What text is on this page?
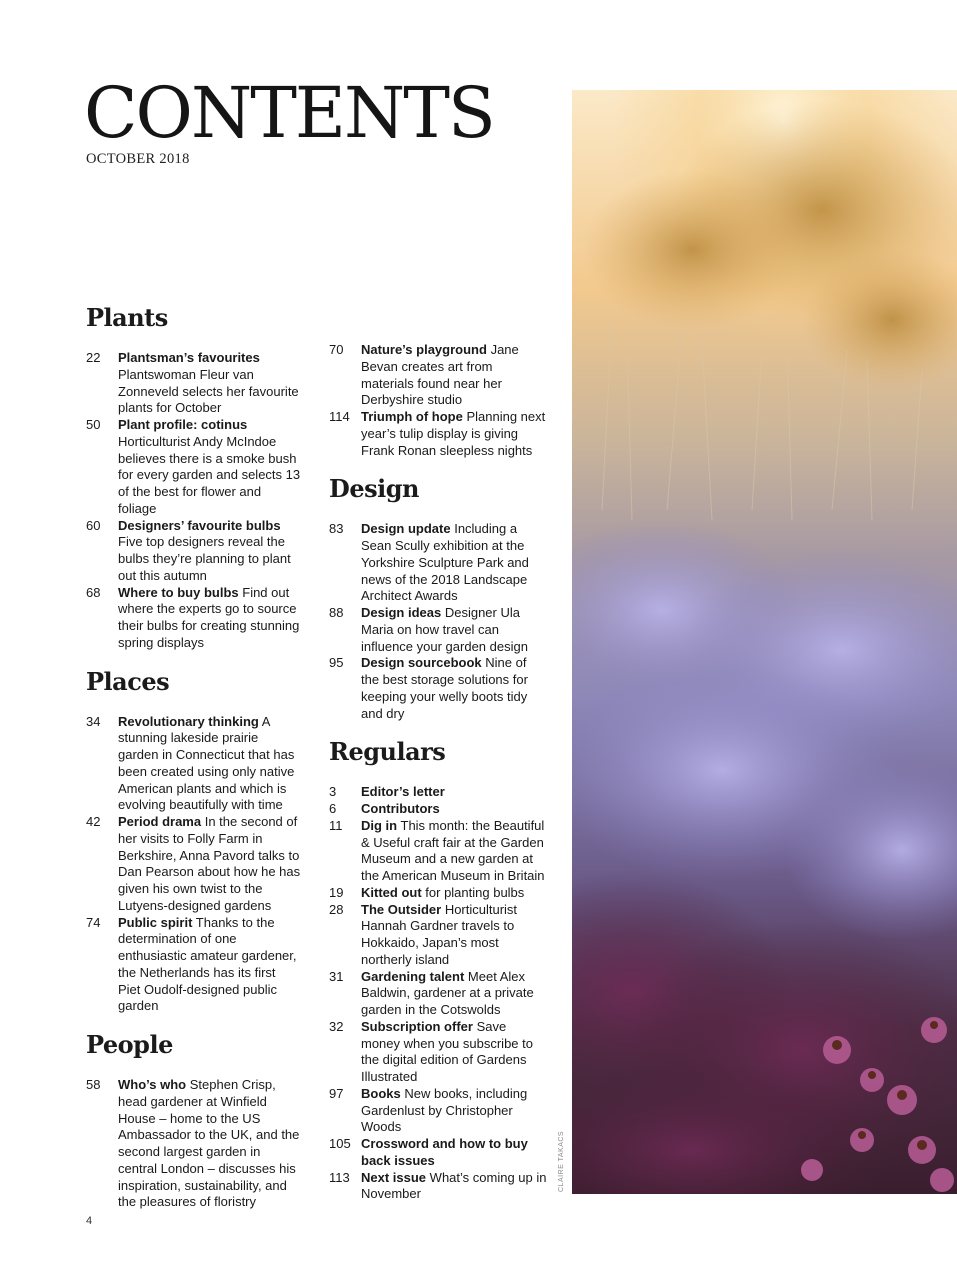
CONTENTS
OCTOBER 2018
Plants
22	Plantsman’s favourites Plantswoman Fleur van Zonneveld selects her favourite plants for October
50	Plant profile: cotinus Horticulturist Andy McIndoe believes there is a smoke bush for every garden and selects 13 of the best for flower and foliage
60	Designers’ favourite bulbs Five top designers reveal the bulbs they’re planning to plant out this autumn
68	Where to buy bulbs Find out where the experts go to source their bulbs for creating stunning spring displays
Places
34	Revolutionary thinking A stunning lakeside prairie garden in Connecticut that has been created using only native American plants and which is evolving beautifully with time
42	Period drama In the second of her visits to Folly Farm in Berkshire, Anna Pavord talks to Dan Pearson about how he has given his own twist to the Lutyens-designed gardens
74	Public spirit Thanks to the determination of one enthusiastic amateur gardener, the Netherlands has its first Piet Oudolf-designed public garden
People
58	Who’s who Stephen Crisp, head gardener at Winfield House – home to the US Ambassador to the UK, and the second largest garden in central London – discusses his inspiration, sustainability, and the pleasures of floristry
70	Nature’s playground Jane Bevan creates art from materials found near her Derbyshire studio
114 Triumph of hope Planning next year’s tulip display is giving Frank Ronan sleepless nights
Design
83	Design update Including a Sean Scully exhibition at the Yorkshire Sculpture Park and news of the 2018 Landscape Architect Awards
88	Design ideas Designer Ula Maria on how travel can influence your garden design
95	Design sourcebook Nine of the best storage solutions for keeping your welly boots tidy and dry
Regulars
3	Editor’s letter
6	Contributors
11	Dig in This month: the Beautiful & Useful craft fair at the Garden Museum and a new garden at the American Museum in Britain
19	Kitted out for planting bulbs
28	The Outsider Horticulturist Hannah Gardner travels to Hokkaido, Japan’s most northerly island
31	Gardening talent Meet Alex Baldwin, gardener at a private garden in the Cotswolds
32	Subscription offer Save money when you subscribe to the digital edition of Gardens Illustrated
97	Books New books, including Gardenlust by Christopher Woods
105 Crossword and how to buy back issues
113 Next issue What’s coming up in November
CLAIRE TAKACS
4
